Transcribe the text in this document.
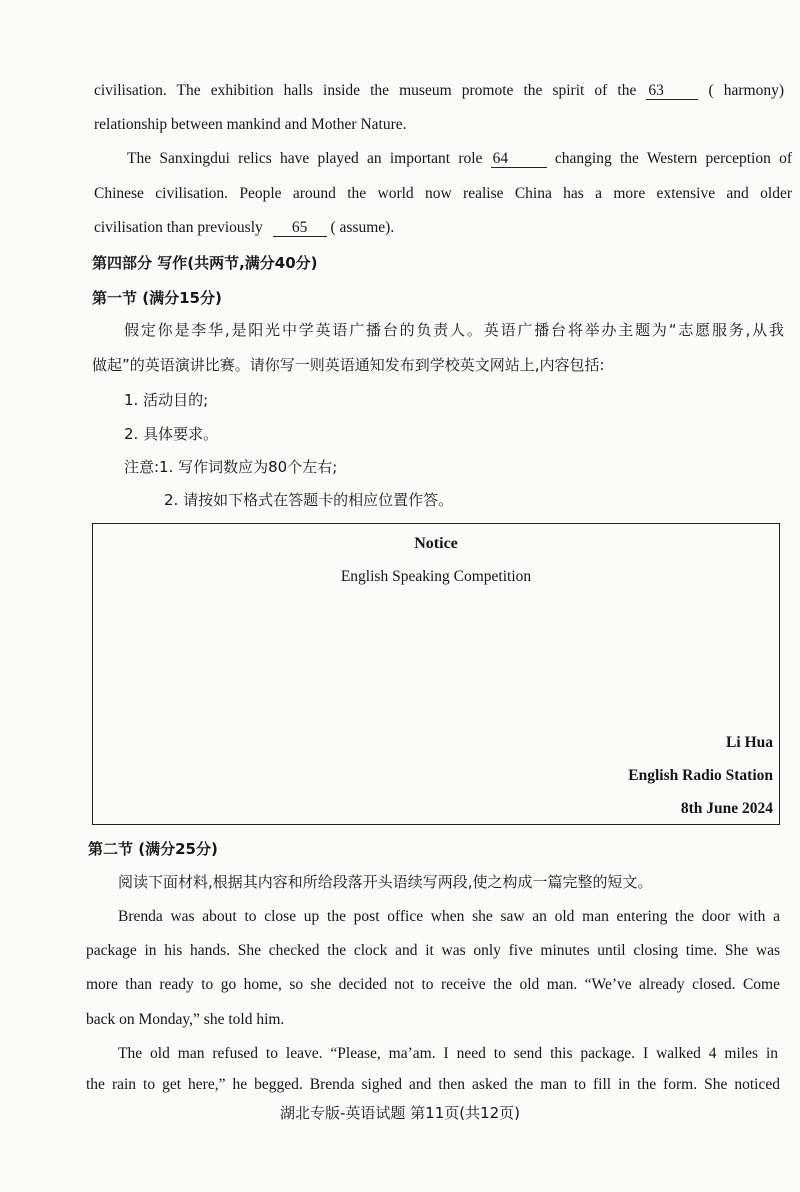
civilisation. The exhibition halls inside the museum promote the spirit of the 63	( harmony)
relationship between mankind and Mother Nature.
The Sanxingdui relics have played an important role 64	changing the Western perception of
Chinese civilisation. People around the world now realise China has a more extensive and older
civilisation than previously 65 ( assume).
第四部分 写作(共两节,满分40分)
第一节 (满分15分)
假定你是李华,是阳光中学英语广播台的负责人。英语广播台将举办主题为“志愿服务,从我
做起”的英语演讲比赛。请你写一则英语通知发布到学校英文网站上,内容包括:
1. 活动目的;
2. 具体要求。
注意:1. 写作词数应为80个左右;
2. 请按如下格式在答题卡的相应位置作答。
Notice
English Speaking Competition
Li Hua
English Radio Station
8th June 2024
第二节 (满分25分)
阅读下面材料,根据其内容和所给段落开头语续写两段,使之构成一篇完整的短文。
Brenda was about to close up the post office when she saw an old man entering the door with a
package in his hands. She checked the clock and it was only five minutes until closing time. She was
more than ready to go home, so she decided not to receive the old man. “We’ve already closed. Come
back on Monday,” she told him.
The old man refused to leave. “Please, ma’am. I need to send this package. I walked 4 miles in
the rain to get here,” he begged. Brenda sighed and then asked the man to fill in the form. She noticed
湖北专版-英语试题 第11页(共12页)
